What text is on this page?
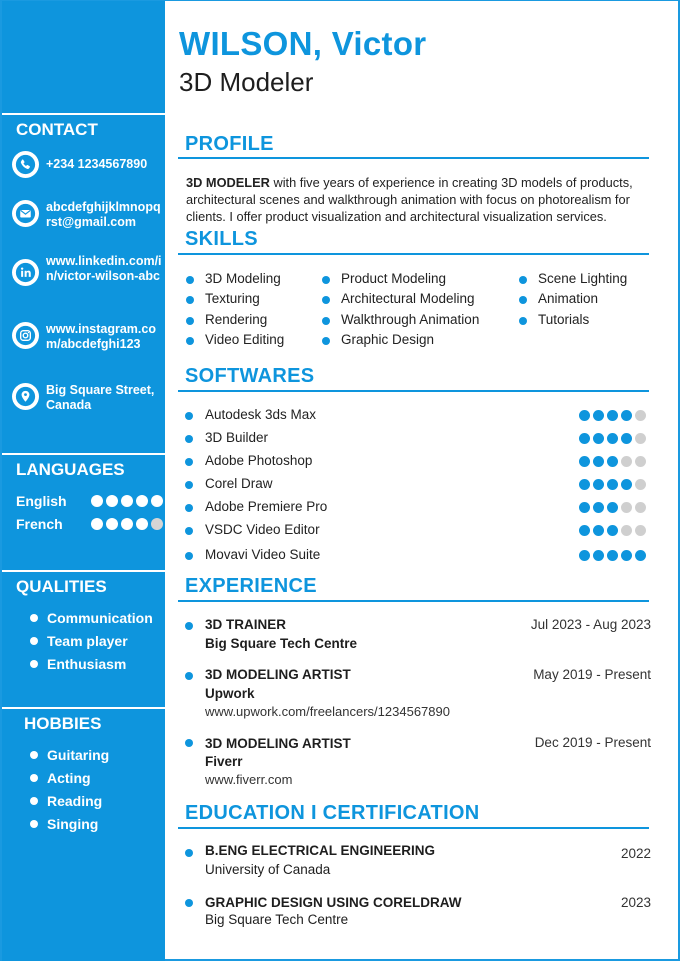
CONTACT
+234 1234567890
abcdefghijklmnopqrst@gmail.com
www.linkedin.com/in/victor-wilson-abc
www.instagram.com/abcdefghi123
Big Square Street, Canada
LANGUAGES
English
French
QUALITIES
Communication
Team player
Enthusiasm
HOBBIES
Guitaring
Acting
Reading
Singing
WILSON, Victor
3D Modeler
PROFILE
3D MODELER with five years of experience in creating 3D models of products, architectural scenes and walkthrough animation with focus on photorealism for clients. I offer product visualization and architectural visualization services.
SKILLS
3D Modeling
Texturing
Rendering
Video Editing
Product Modeling
Architectural Modeling
Walkthrough Animation
Graphic Design
Scene Lighting
Animation
Tutorials
SOFTWARES
Autodesk 3ds Max
3D Builder
Adobe Photoshop
Corel Draw
Adobe Premiere Pro
VSDC Video Editor
Movavi Video Suite
EXPERIENCE
3D TRAINER
Big Square Tech Centre
Jul 2023 - Aug 2023
3D MODELING ARTIST
Upwork
www.upwork.com/freelancers/1234567890
May 2019 - Present
3D MODELING ARTIST
Fiverr
www.fiverr.com
Dec 2019 - Present
EDUCATION I CERTIFICATION
B.ENG ELECTRICAL ENGINEERING
University of Canada
2022
GRAPHIC DESIGN USING CORELDRAW
Big Square Tech Centre
2023
